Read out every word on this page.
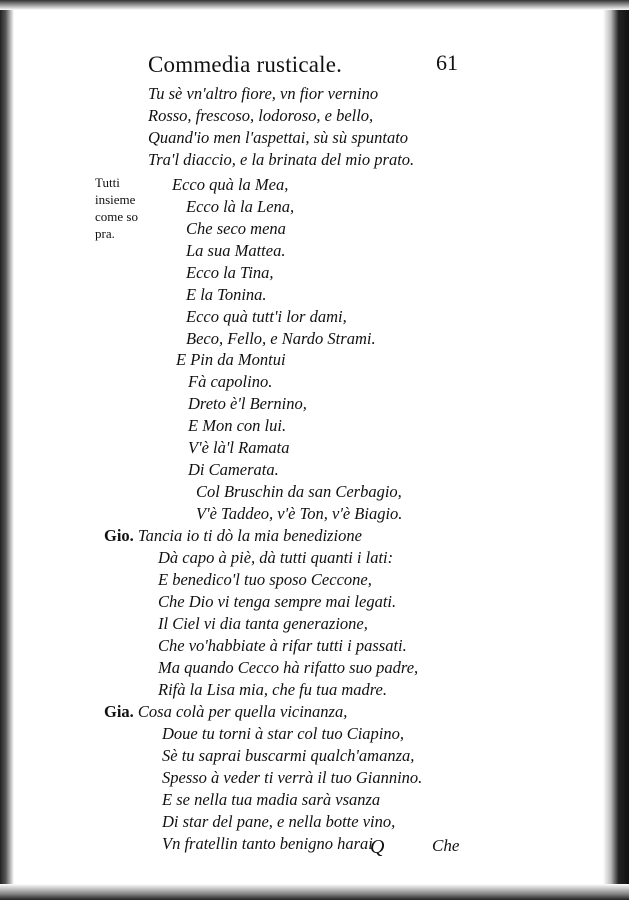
Commedia rusticale.	61
Tu sè vn'altro fiore, vn fior vernino
Rosso, frescoso, lodoroso, e bello,
Quand'io men l'aspettai, sù sù spuntato
Tra'l diaccio, e la brinata del mio prato.
Tutti
insieme
come so
pra.
Ecco quà la Mea,
Ecco là la Lena,
Che seco mena
La sua Mattea.
Ecco la Tina,
E la Tonina.
Ecco quà tutt'i lor dami,
Beco, Fello, e Nardo Strami.
E Pin da Montui
Fà capolino.
Dreto è'l Bernino,
E Mon con lui.
V'è là'l Ramata
Di Camerata.
Col Bruschin da san Cerbagio,
V'è Taddeo, v'è Ton, v'è Biagio.
Gio. Tancia io ti dò la mia benedizione
Dà capo à piè, dà tutti quanti i lati:
E benedico'l tuo sposo Ceccone,
Che Dio vi tenga sempre mai legati.
Il Ciel vi dia tanta generazione,
Che vo'habbiate à rifar tutti i passati.
Ma quando Cecco hà rifatto suo padre,
Rifà la Lisa mia, che fu tua madre.
Gia. Cosa colà per quella vicinanza,
Doue tu torni à star col tuo Ciapino,
Sè tu saprai buscarmi qualch'amanza,
Spesso à veder ti verrà il tuo Giannino.
E se nella tua madia sarà vsanza
Di star del pane, e nella botte vino,
Vn fratellin tanto benigno harai
Q	Che
